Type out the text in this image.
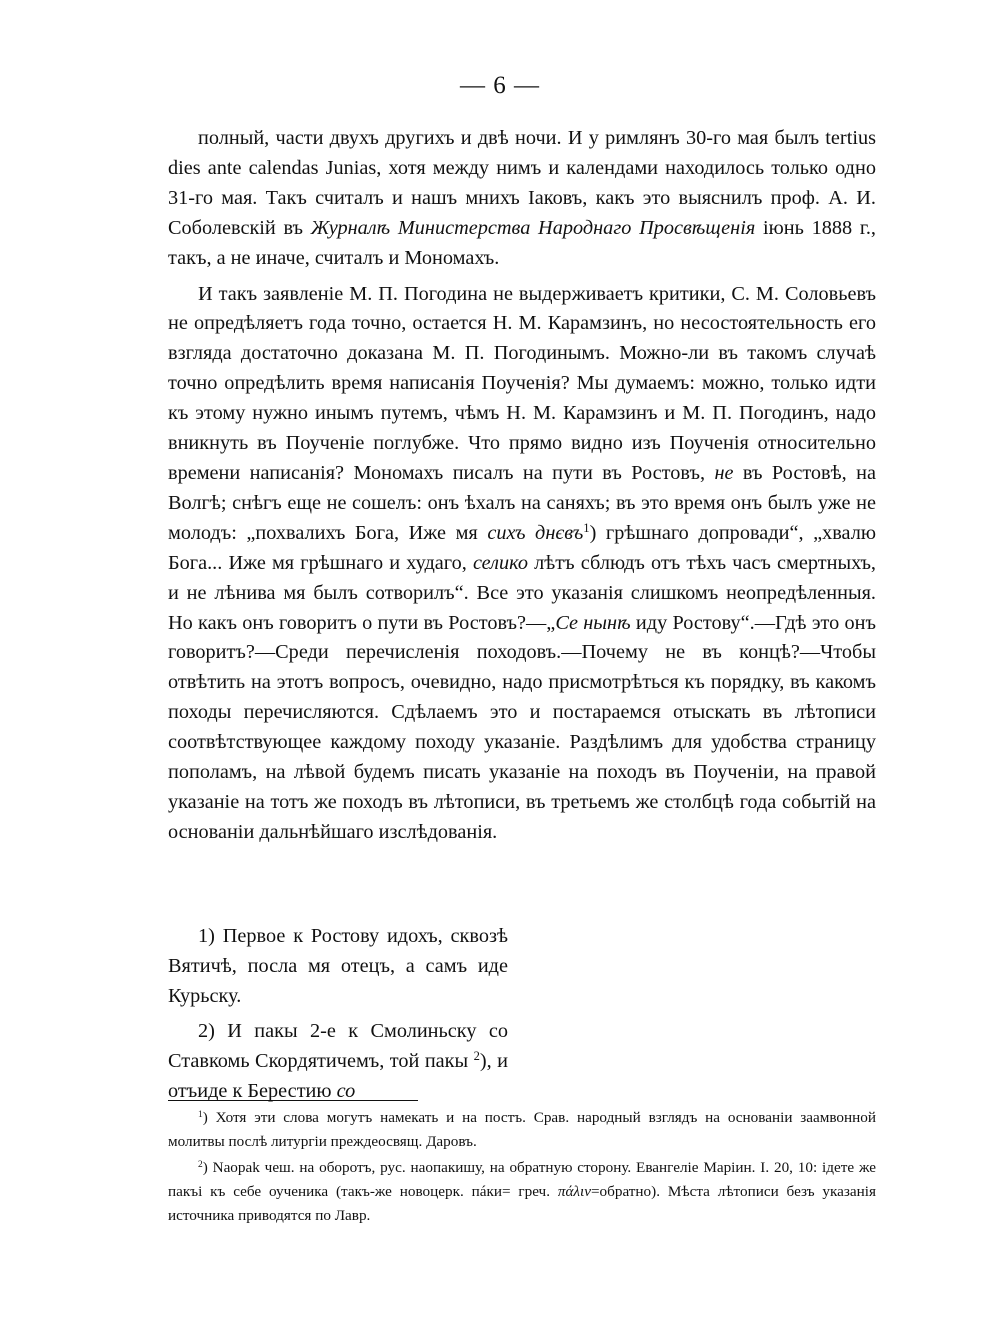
— 6 —

полный, части двухъ другихъ и двѣ ночи. И у римлянъ 30-го мая былъ tertius dies ante calendas Junias, хотя между нимъ и календами находилось только одно 31-го мая. Такъ считалъ и нашъ мнихъ Іаковъ, какъ это выяснилъ проф. А. И. Соболевскій въ Журналѣ Министерства Народнаго Просвѣщенія іюнь 1888 г., такъ, а не иначе, считалъ и Мономахъ.

И такъ заявленіе М. П. Погодина не выдерживаетъ критики, С. М. Соловьевъ не опредѣляетъ года точно, остается Н. М. Карамзинъ, но несостоятельность его взгляда достаточно доказана М. П. Погодинымъ. Можно-ли въ такомъ случаѣ точно опредѣлить время написанія Поученія? Мы думаемъ: можно, только идти къ этому нужно инымъ путемъ, чѣмъ Н. М. Карамзинъ и М. П. Погодинъ, надо вникнуть въ Поученіе поглубже. Что прямо видно изъ Поученія относительно времени написанія? Мономахъ писалъ на пути въ Ростовъ, не въ Ростовѣ, на Волгѣ; снѣгъ еще не сошелъ: онъ ѣхалъ на саняхъ; въ это время онъ былъ уже не молодъ: „похвалихъ Бога, Иже мя сихъ днєвъ$^1$) грѣшнаго допровади“, „хвалю Бога... Иже мя грѣшнаго и худаго, селико лѣтъ сблюдъ отъ тѣхъ часъ смертныхъ, и не лѣнива мя былъ сотворилъ“. Все это указанія слишкомъ неопредѣленныя. Но какъ онъ говоритъ о пути въ Ростовъ?—„Се нынѣ иду Ростову“.—Гдѣ это онъ говоритъ?—Среди перечисленія походовъ.—Почему не въ концѣ?—Чтобы отвѣтить на этотъ вопросъ, очевидно, надо присмотрѣться къ порядку, въ какомъ походы перечисляются. Сдѣлаемъ это и постараемся отыскать въ лѣтописи соотвѣтствующее каждому походу указаніе. Раздѣлимъ для удобства страницу пополамъ, на лѣвой будемъ писать указаніе на походъ въ Поученіи, на правой указаніе на тотъ же походъ въ лѣтописи, въ третьемъ же столбцѣ года событій на основаніи дальнѣйшаго изслѣдованія.

1) Первое к Ростову идохъ, сквозѣ Вятичѣ, посла мя отецъ, а самъ иде Курьску.

2) И пакы 2-е к Смолиньску со Ставкомь Скордятичемъ, той пакы $^2$), и отъиде к Берестию со

$^1$) Хотя эти слова могутъ намекать и на постъ. Срав. народный взглядъ на основаніи заамвонной молитвы послѣ литургіи преждеосвящ. Даровъ.

$^2$) Naopak чеш. на оборотъ, рус. наопакишу, на обратную сторону. Евангеліе Маріин. I. 20, 10: ідете же пакъі къ себе оученика (такъ-же новоцерк. пáки= греч. πάλιν=обратно). Мѣста лѣтописи безъ указанія источника приводятся по Лавр.
